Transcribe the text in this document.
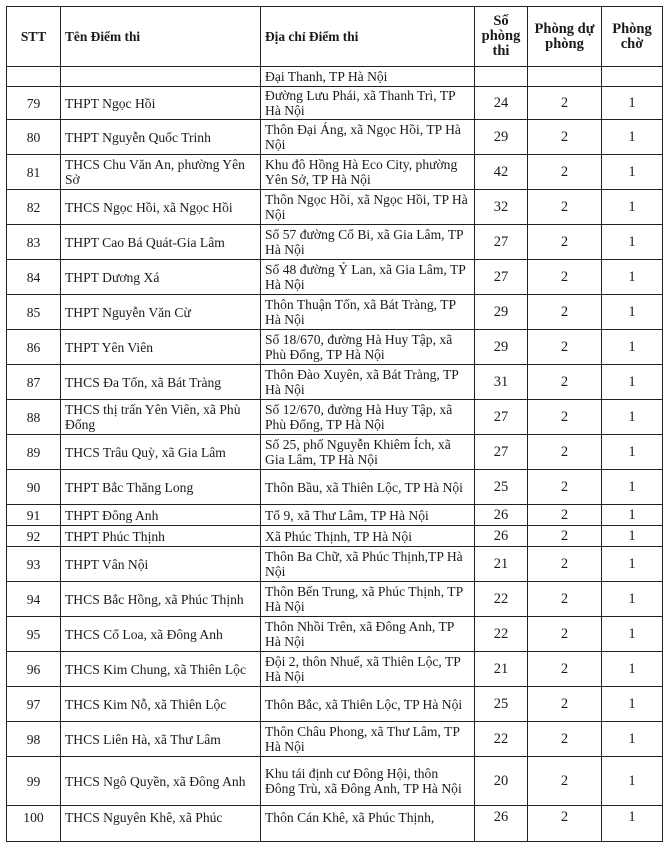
STT	Tên Điểm thi	Địa chỉ Điểm thi	Số phòng thi	Phòng dự phòng	Phòng chờ
		Đại Thanh, TP Hà Nội			
79	THPT Ngọc Hồi	Đường Lưu Phái, xã Thanh Trì, TP Hà Nội	24	2	1
80	THPT Nguyễn Quốc Trinh	Thôn Đại Áng, xã Ngọc Hồi, TP Hà Nội	29	2	1
81	THCS Chu Văn An, phường Yên Sở	Khu đô Hồng Hà Eco City, phường Yên Sở, TP Hà Nội	42	2	1
82	THCS Ngọc Hồi, xã Ngọc Hồi	Thôn Ngọc Hồi, xã Ngọc Hồi, TP Hà Nội	32	2	1
83	THPT Cao Bá Quát-Gia Lâm	Số 57 đường Cổ Bi, xã Gia Lâm, TP Hà Nội	27	2	1
84	THPT Dương Xá	Số 48 đường Ỷ Lan, xã Gia Lâm, TP Hà Nội	27	2	1
85	THPT Nguyễn Văn Cừ	Thôn Thuận Tốn, xã Bát Tràng, TP Hà Nội	29	2	1
86	THPT Yên Viên	Số 18/670, đường Hà Huy Tập, xã Phù Đổng, TP Hà Nội	29	2	1
87	THCS Đa Tốn, xã Bát Tràng	Thôn Đào Xuyên, xã Bát Tràng, TP Hà Nội	31	2	1
88	THCS thị trấn Yên Viên, xã Phù Đổng	Số 12/670, đường Hà Huy Tập, xã Phù Đổng, TP Hà Nội	27	2	1
89	THCS Trâu Quỳ, xã Gia Lâm	Số 25, phố Nguyễn Khiêm Ích, xã Gia Lâm, TP Hà Nội	27	2	1
90	THPT Bắc Thăng Long	Thôn Bầu, xã Thiên Lộc, TP Hà Nội	25	2	1
91	THPT Đông Anh	Tổ 9, xã Thư Lâm, TP Hà Nội	26	2	1
92	THPT Phúc Thịnh	Xã Phúc Thịnh, TP Hà Nội	26	2	1
93	THPT Vân Nội	Thôn Ba Chữ, xã Phúc Thịnh,TP Hà Nội	21	2	1
94	THCS Bắc Hồng, xã Phúc Thịnh	Thôn Bến Trung, xã Phúc Thịnh, TP Hà Nội	22	2	1
95	THCS Cổ Loa, xã Đông Anh	Thôn Nhồi Trên, xã Đông Anh, TP Hà Nội	22	2	1
96	THCS Kim Chung, xã Thiên Lộc	Đội 2, thôn Nhuế, xã Thiên Lộc, TP Hà Nội	21	2	1
97	THCS Kim Nỗ, xã Thiên Lộc	Thôn Bắc, xã Thiên Lộc, TP Hà Nội	25	2	1
98	THCS Liên Hà, xã Thư Lâm	Thôn Châu Phong, xã Thư Lâm, TP Hà Nội	22	2	1
99	THCS Ngô Quyền, xã Đông Anh	Khu tái định cư Đông Hội, thôn Đông Trù, xã Đông Anh, TP Hà Nội	20	2	1
100	THCS Nguyên Khê, xã Phúc	Thôn Cán Khê, xã Phúc Thịnh,	26	2	1
